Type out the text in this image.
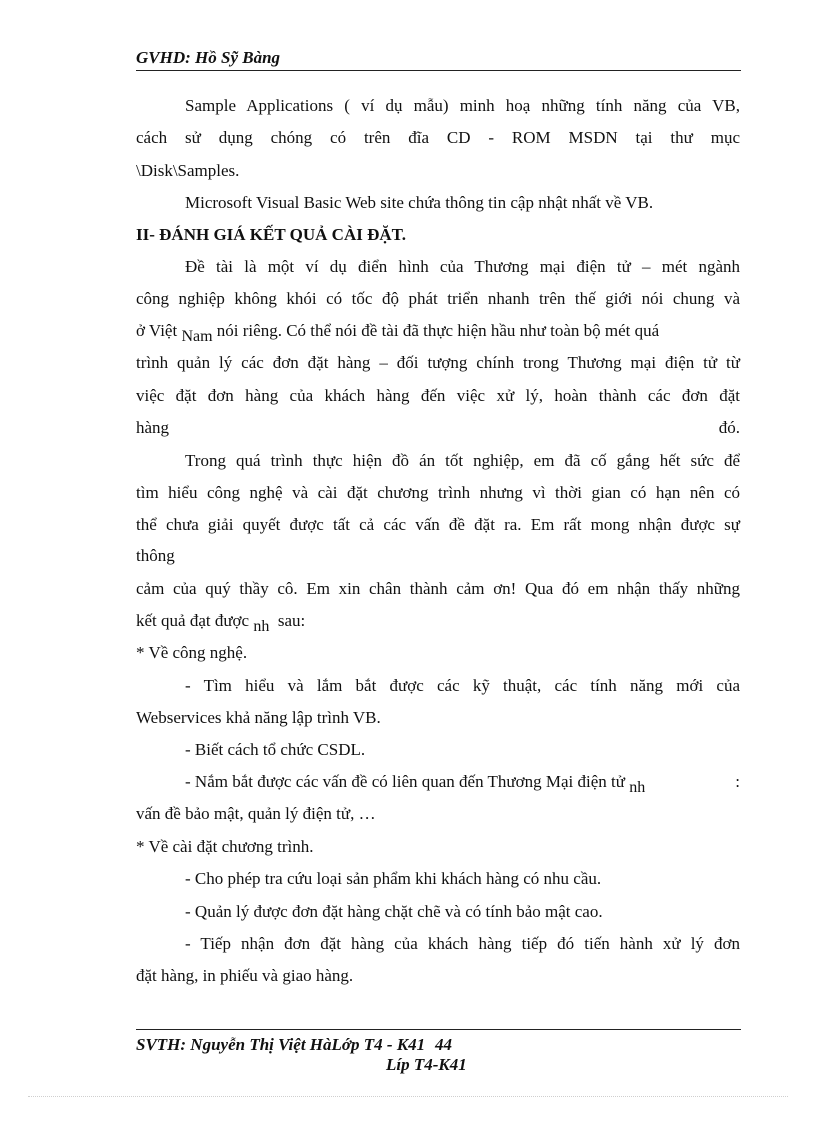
GVHD: Hồ Sỹ Bàng
Sample Applications ( ví dụ mẫu) minh hoạ những tính năng của VB,
cách sử dụng chóng có trên đĩa CD - ROM MSDN tại thư mục
\Disk\Samples.
Microsoft Visual Basic Web site chứa thông tin cập nhật nhất về VB.
II- ĐÁNH GIÁ KẾT QUẢ CÀI ĐẶT.
Đề tài là một ví dụ điển hình của Thương mại điện tử – mét ngành
công nghiệp không khói có tốc độ phát triển nhanh trên thế giới nói chung và
ở Việt Nam nói riêng. Có thể nói đề tài đã thực hiện hầu như toàn bộ mét quá
trình quản lý các đơn đặt hàng – đối tượng chính trong Thương mại điện tử từ
việc đặt đơn hàng của khách hàng đến việc xử lý, hoàn thành các đơn đặt
hàng	đó.
Trong quá trình thực hiện đồ án tốt nghiệp, em đã cố gắng hết sức để
tìm hiểu công nghệ và cài đặt chương trình nhưng vì thời gian có hạn nên có
thể chưa giải quyết được tất cả các vấn đề đặt ra. Em rất mong nhận được sự
thông
cảm của quý thầy cô. Em xin chân thành cảm ơn! Qua đó em nhận thấy những
kết quả đạt được nh  sau:
* Về công nghệ.
- Tìm hiểu và lắm bắt được các kỹ thuật, các tính năng mới của
Webservices khả năng lập trình VB.
- Biết cách tổ chức CSDL.
- Nắm bắt được các vấn đề có liên quan đến Thương Mại điện tử nh	:
vấn đề bảo mật, quản lý điện tử, …
* Về cài đặt chương trình.
- Cho phép tra cứu loại sản phẩm khi khách hàng có nhu cầu.
- Quản lý được đơn đặt hàng chặt chẽ và có tính bảo mật cao.
- Tiếp nhận đơn đặt hàng của khách hàng tiếp đó tiến hành xử lý đơn
đặt hàng, in phiếu và giao hàng.
SVTH: Nguyễn Thị Việt HàLớp T4 - K41 44
Líp T4-K41
